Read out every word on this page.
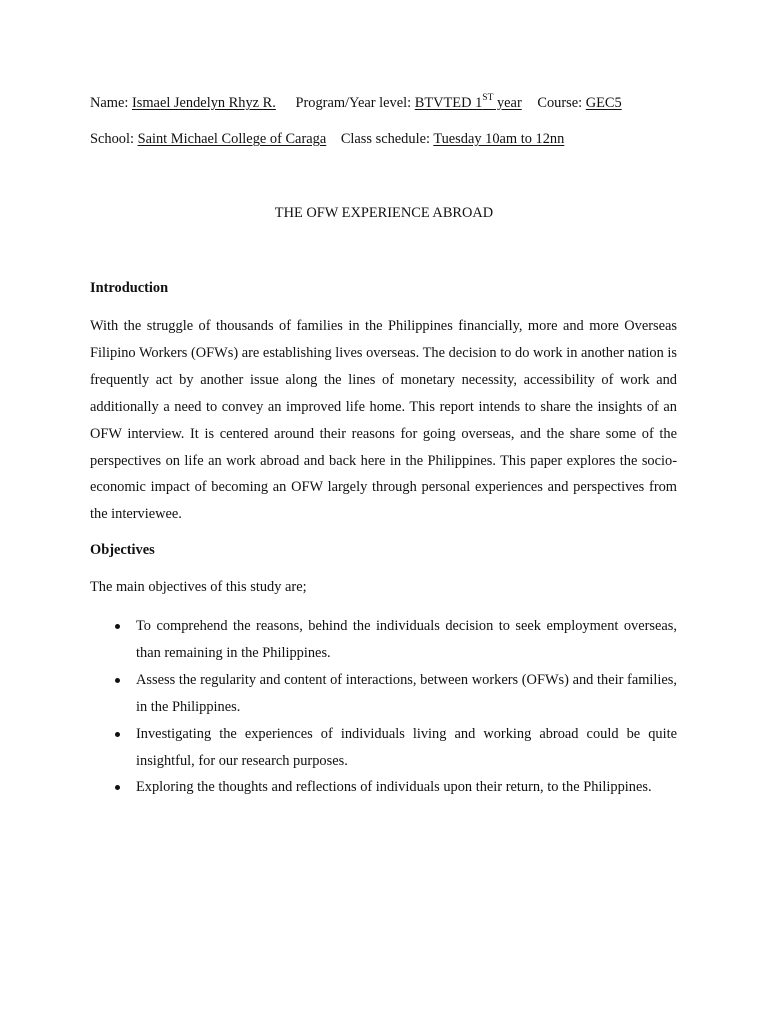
Name: Ismael Jendelyn Rhyz R. Program/Year level: BTVTED 1ST year Course: GEC5
School: Saint Michael College of Caraga Class schedule: Tuesday 10am to 12nn
THE OFW EXPERIENCE ABROAD
Introduction

With the struggle of thousands of families in the Philippines financially, more and more Overseas Filipino Workers (OFWs) are establishing lives overseas. The decision to do work in another nation is frequently act by another issue along the lines of monetary necessity, accessibility of work and additionally a need to convey an improved life home. This report intends to share the insights of an OFW interview. It is centered around their reasons for going overseas, and the share some of the perspectives on life an work abroad and back here in the Philippines. This paper explores the socio-economic impact of becoming an OFW largely through personal experiences and perspectives from the interviewee.

Objectives
The main objectives of this study are;
To comprehend the reasons, behind the individuals decision to seek employment overseas, than remaining in the Philippines.
Assess the regularity and content of interactions, between workers (OFWs) and their families, in the Philippines.
Investigating the experiences of individuals living and working abroad could be quite insightful, for our research purposes.
Exploring the thoughts and reflections of individuals upon their return, to the Philippines.
